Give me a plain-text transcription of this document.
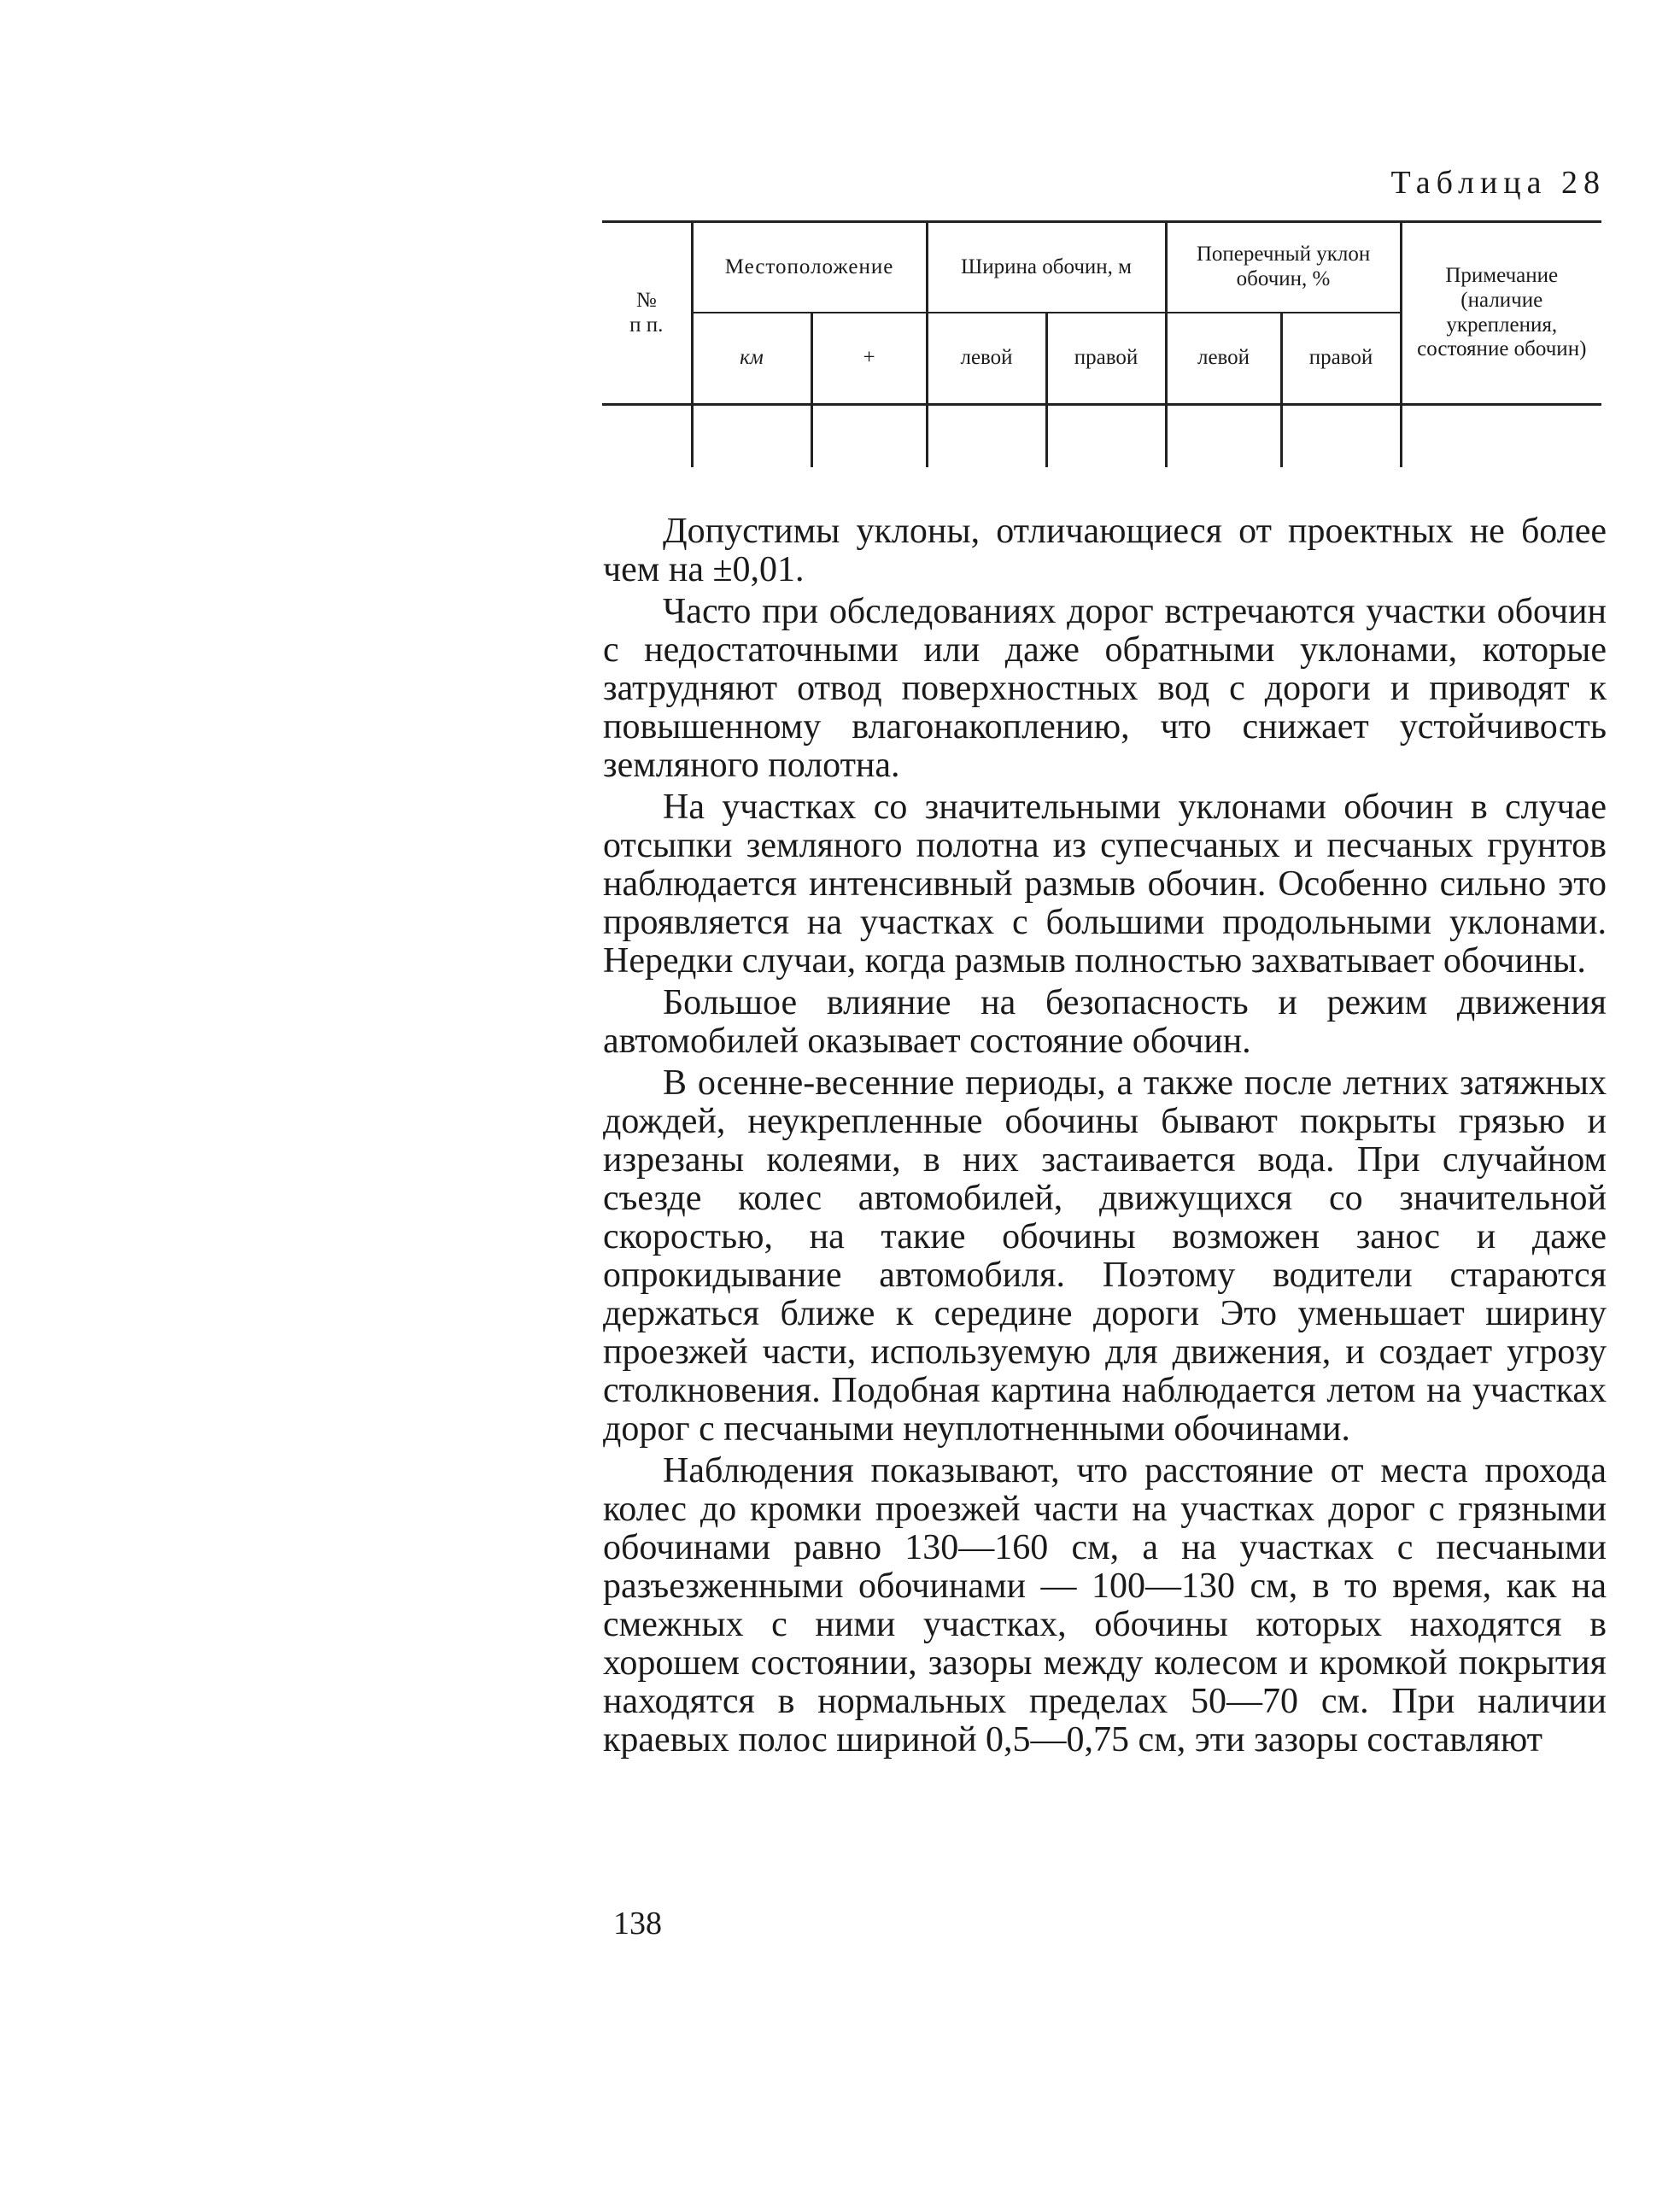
Таблица 28
№
п п.	Местоположение		Ширина обочин, м		Поперечный уклон обочин, %		Примечание (наличие укрепления, состояние обочин)
	км	+	левой	правой	левой	правой	

Допустимы уклоны, отличающиеся от проектных не более чем на ±0,01.

Часто при обследованиях дорог встречаются участки обочин с недостаточными или даже обратными уклонами, которые затрудняют отвод поверхностных вод с дороги и приводят к повышенному влагонакоплению, что снижает устойчивость земляного полотна.

На участках со значительными уклонами обочин в случае отсыпки земляного полотна из супесчаных и песчаных грунтов наблюдается интенсивный размыв обочин. Особенно сильно это проявляется на участках с большими продольными уклонами. Нередки случаи, когда размыв полностью захватывает обочины.

Большое влияние на безопасность и режим движения автомобилей оказывает состояние обочин.

В осенне-весенние периоды, а также после летних затяжных дождей, неукрепленные обочины бывают покрыты грязью и изрезаны колеями, в них застаивается вода. При случайном съезде колес автомобилей, движущихся со значительной скоростью, на такие обочины возможен занос и даже опрокидывание автомобиля. Поэтому водители стараются держаться ближе к середине дороги Это уменьшает ширину проезжей части, используемую для движения, и создает угрозу столкновения. Подобная картина наблюдается летом на участках дорог с песчаными неуплотненными обочинами.

Наблюдения показывают, что расстояние от места прохода колес до кромки проезжей части на участках дорог с грязными обочинами равно 130—160 см, а на участках с песчаными разъезженными обочинами — 100—130 см, в то время, как на смежных с ними участках, обочины которых находятся в хорошем состоянии, зазоры между колесом и кромкой покрытия находятся в нормальных пределах 50—70 см. При наличии краевых полос шириной 0,5—0,75 см, эти зазоры составляют

138
